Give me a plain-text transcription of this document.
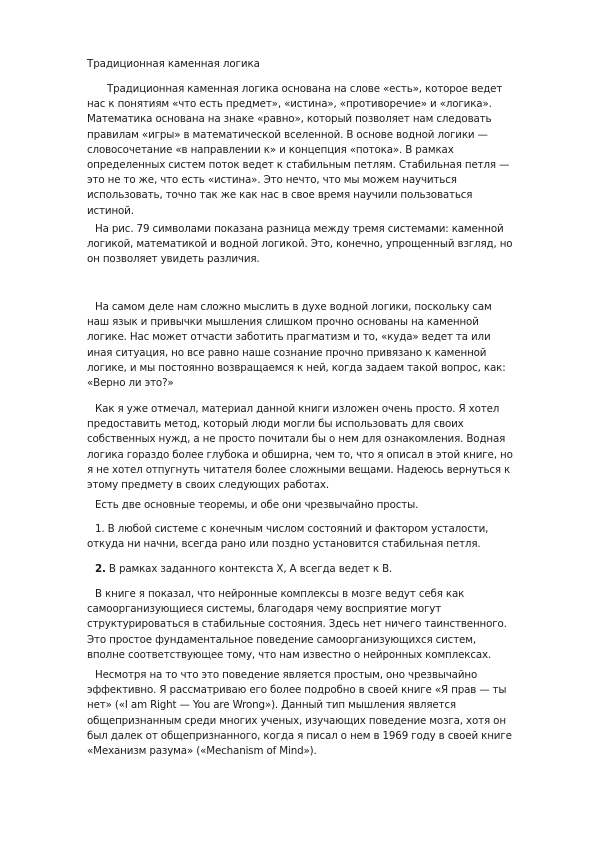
Традиционная каменная логика

Традиционная каменная логика основана на слове «есть», которое ведет
нас к понятиям «что есть предмет», «истина», «противоречие» и «логика».
Математика основана на знаке «равно», который позволяет нам следовать
правилам «игры» в математической вселенной. В основе водной логики —
словосочетание «в направлении к» и концепция «потока». В рамках
определенных систем поток ведет к стабильным петлям. Стабильная петля —
это не то же, что есть «истина». Это нечто, что мы можем научиться
использовать, точно так же как нас в свое время научили пользоваться
истиной.

На рис. 79 символами показана разница между тремя системами: каменной
логикой, математикой и водной логикой. Это, конечно, упрощенный взгляд, но
он позволяет увидеть различия.

На самом деле нам сложно мыслить в духе водной логики, поскольку сам
наш язык и привычки мышления слишком прочно основаны на каменной
логике. Нас может отчасти заботить прагматизм и то, «куда» ведет та или
иная ситуация, но все равно наше сознание прочно привязано к каменной
логике, и мы постоянно возвращаемся к ней, когда задаем такой вопрос, как:
«Верно ли это?»

Как я уже отмечал, материал данной книги изложен очень просто. Я хотел
предоставить метод, который люди могли бы использовать для своих
собственных нужд, а не просто почитали бы о нем для ознакомления. Водная
логика гораздо более глубока и обширна, чем то, что я описал в этой книге, но
я не хотел отпугнуть читателя более сложными вещами. Надеюсь вернуться к
этому предмету в своих следующих работах.

Есть две основные теоремы, и обе они чрезвычайно просты.

1. В любой системе с конечным числом состояний и фактором усталости,
откуда ни начни, всегда рано или поздно установится стабильная петля.

2. В рамках заданного контекста X, A всегда ведет к B.

В книге я показал, что нейронные комплексы в мозге ведут себя как
самоорганизующиеся системы, благодаря чему восприятие могут
структурироваться в стабильные состояния. Здесь нет ничего таинственного.
Это простое фундаментальное поведение самоорганизующихся систем,
вполне соответствующее тому, что нам известно о нейронных комплексах.

Несмотря на то что это поведение является простым, оно чрезвычайно
эффективно. Я рассматриваю его более подробно в своей книге «Я прав — ты
нет» («I am Right — You are Wrong»). Данный тип мышления является
общепризнанным среди многих ученых, изучающих поведение мозга, хотя он
был далек от общепризнанного, когда я писал о нем в 1969 году в своей книге
«Механизм разума» («Mechanism of Mind»).
